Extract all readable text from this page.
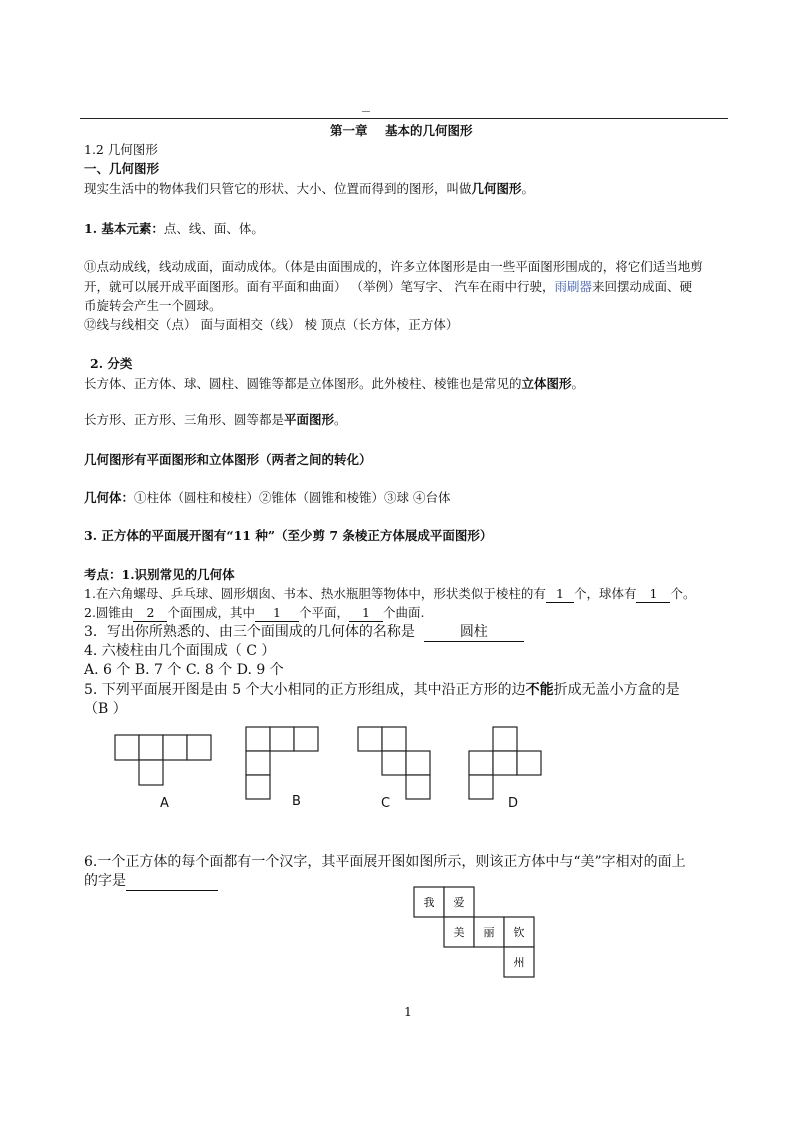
第一章 基本的几何图形
1.2 几何图形
一、几何图形
现实生活中的物体我们只管它的形状、大小、位置而得到的图形，叫做几何图形。
1. 基本元素：点、线、面、体。
⑪点动成线，线动成面，面动成体。（体是由面围成的，许多立体图形是由一些平面图形围成的，将它们适当地剪
开，就可以展开成平面图形。面有平面和曲面） （举例）笔写字、 汽车在雨中行驶，雨刷器来回摆动成面、硬
币旋转会产生一个圆球。
⑫线与线相交（点） 面与面相交（线） 棱 顶点（长方体，正方体）
2. 分类
长方体、正方体、球、圆柱、圆锥等都是立体图形。此外棱柱、棱锥也是常见的立体图形。
长方形、正方形、三角形、圆等都是平面图形。
几何图形有平面图形和立体图形（两者之间的转化）
几何体：①柱体（圆柱和棱柱）②锥体（圆锥和棱锥）③球 ④台体
3. 正方体的平面展开图有“11 种”（至少剪 7 条棱正方体展成平面图形）
考点：1.识别常见的几何体
1.在六角螺母、乒乓球、圆形烟囱、书本、热水瓶胆等物体中，形状类似于棱柱的有 1 个，球体有 1 个。
2.圆锥由 2 个面围成，其中 1 个平面， 1 个曲面.
3．写出你所熟悉的、由三个面围成的几何体的名称是	圆柱
4. 六棱柱由几个面围成（ C ）
A. 6 个 B. 7 个 C. 8 个 D. 9 个
5. 下列平面展开图是由 5 个大小相同的正方形组成，其中沿正方形的边不能折成无盖小方盒的是
（B ）
A	B	C	D
6.一个正方体的每个面都有一个汉字，其平面展开图如图所示，则该正方体中与“美”字相对的面上
的字是
我 爱
美 丽 钦
州
1
